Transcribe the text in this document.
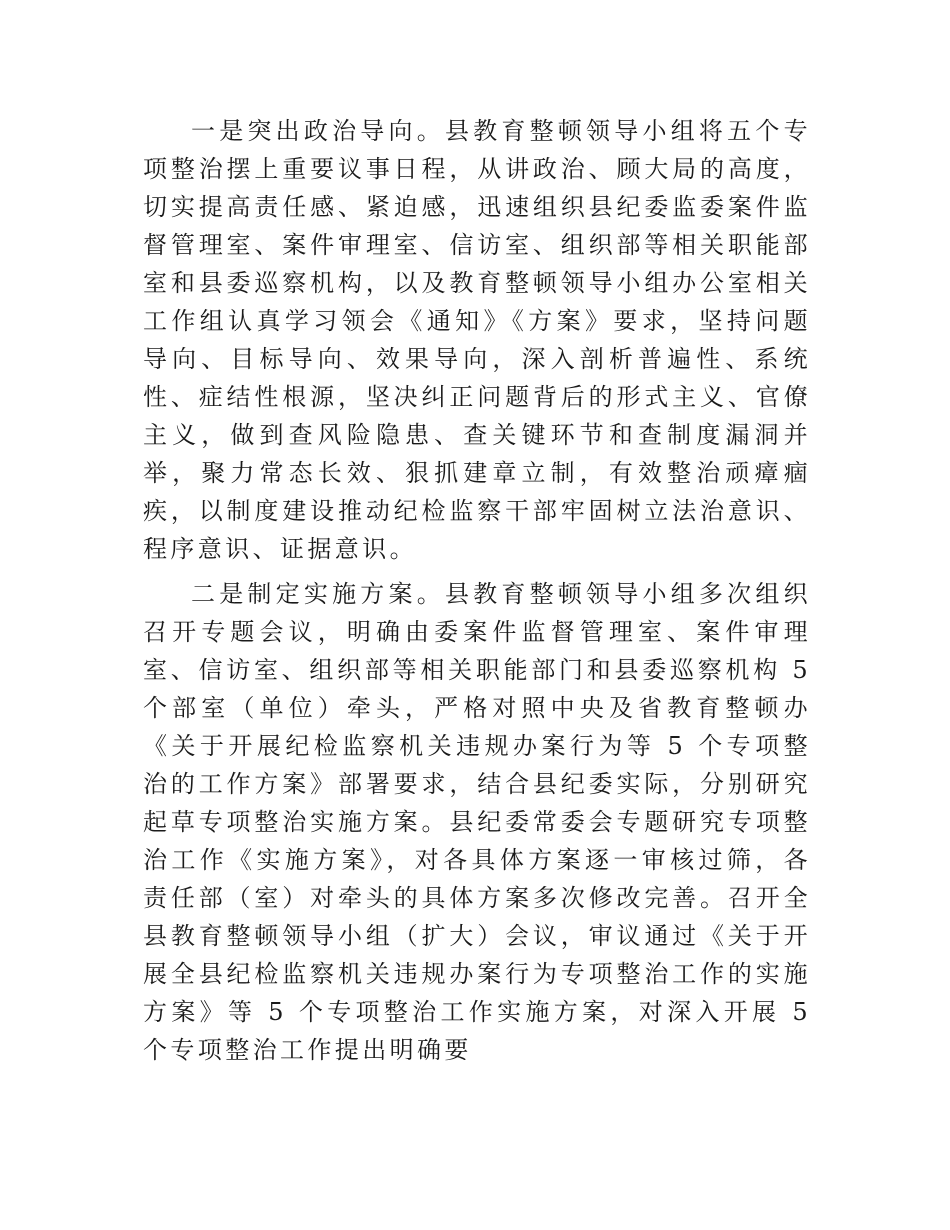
一是突出政治导向。县教育整顿领导小组将五个专项整治摆上重要议事日程，从讲政治、顾大局的高度，切实提高责任感、紧迫感，迅速组织县纪委监委案件监督管理室、案件审理室、信访室、组织部等相关职能部室和县委巡察机构，以及教育整顿领导小组办公室相关工作组认真学习领会《通知》《方案》要求，坚持问题导向、目标导向、效果导向，深入剖析普遍性、系统性、症结性根源，坚决纠正问题背后的形式主义、官僚主义，做到查风险隐患、查关键环节和查制度漏洞并举，聚力常态长效、狠抓建章立制，有效整治顽瘴痼疾，以制度建设推动纪检监察干部牢固树立法治意识、程序意识、证据意识。

二是制定实施方案。县教育整顿领导小组多次组织召开专题会议，明确由委案件监督管理室、案件审理室、信访室、组织部等相关职能部门和县委巡察机构 5 个部室（单位）牵头，严格对照中央及省教育整顿办《关于开展纪检监察机关违规办案行为等 5 个专项整治的工作方案》部署要求，结合县纪委实际，分别研究起草专项整治实施方案。县纪委常委会专题研究专项整治工作《实施方案》，对各具体方案逐一审核过筛，各责任部（室）对牵头的具体方案多次修改完善。召开全县教育整顿领导小组（扩大）会议，审议通过《关于开展全县纪检监察机关违规办案行为专项整治工作的实施方案》等 5 个专项整治工作实施方案，对深入开展 5 个专项整治工作提出明确要
